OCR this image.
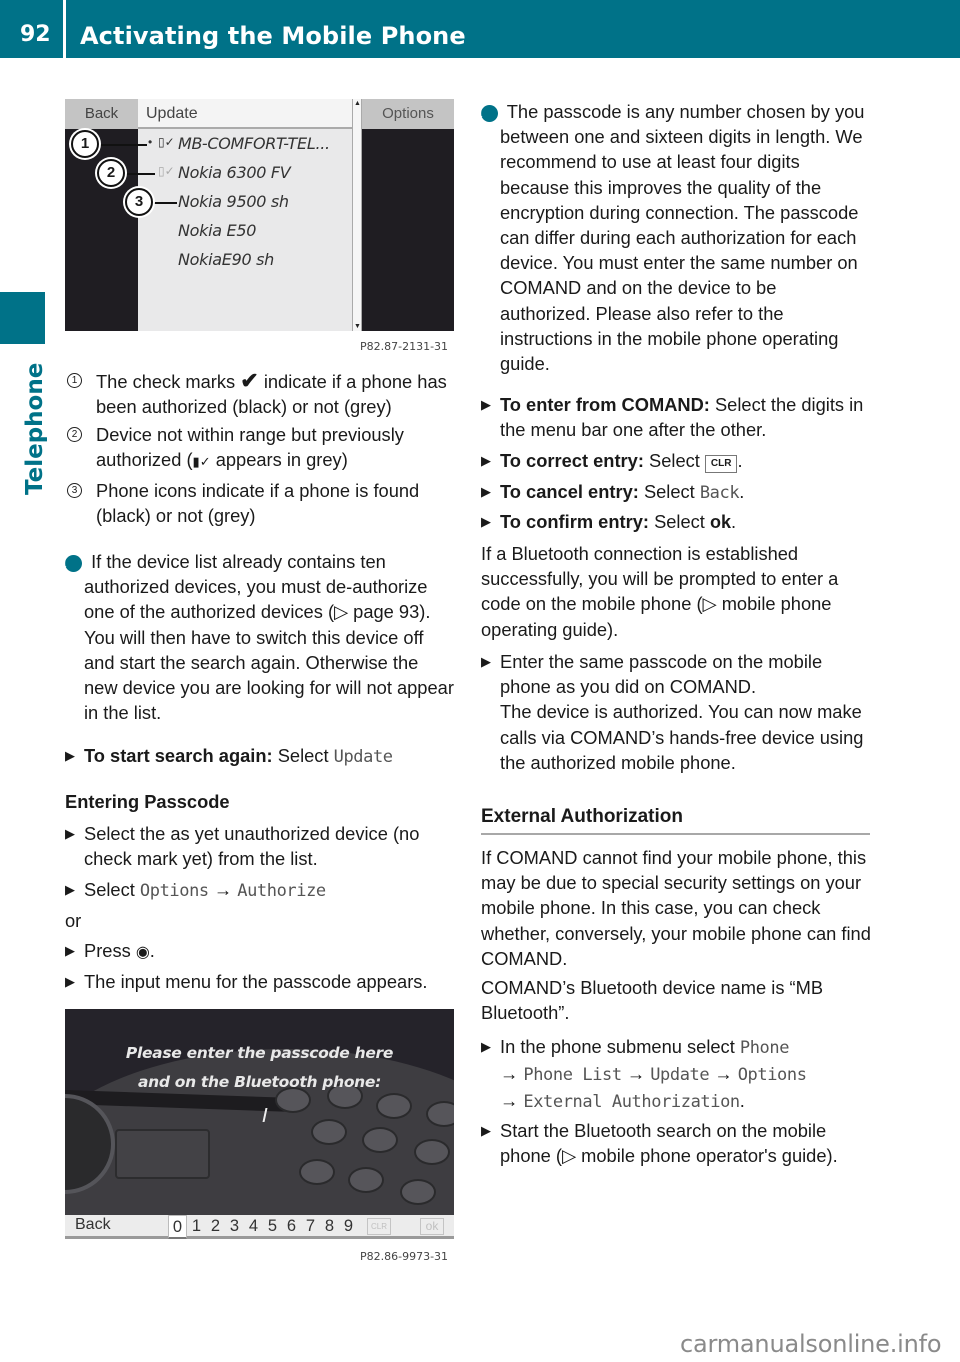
92	Activating the Mobile Phone
Telephone
Back	Update
▲
▼
Options
• ▯✓ MB-COMFORT-TEL...
▯✓ Nokia 6300 FV
Nokia 9500 sh
Nokia E50
NokiaE90 sh
1
2
3
P82.87-2131-31
1	The check marks ✔ indicate if a phone has been authorized (black) or not (grey)
2	Device not within range but previously authorized (▮✓ appears in grey)
3	Phone icons indicate if a phone is found (black) or not (grey)
i If the device list already contains ten authorized devices, you must de-authorize one of the authorized devices (▷ page 93). You will then have to switch this device off and start the search again. Otherwise the new device you are looking for will not appear in the list.
▶ To start search again: Select Update
Entering Passcode
▶ Select the as yet unauthorized device (no check mark yet) from the list.
▶ Select Options → Authorize
or
▶ Press ◉.
▶ The input menu for the passcode appears.
Please enter the passcode here
and on the Bluetooth phone:
Back	0 1 2 3 4 5 6 7 8 9	CLR	ok
P82.86-9973-31
i The passcode is any number chosen by you between one and sixteen digits in length. We recommend to use at least four digits because this improves the quality of the encryption during connection. The passcode can differ during each authorization for each device. You must enter the same number on COMAND and on the device to be authorized. Please also refer to the instructions in the mobile phone operating guide.
▶ To enter from COMAND: Select the digits in the menu bar one after the other.
▶ To correct entry: Select CLR .
▶ To cancel entry: Select Back.
▶ To confirm entry: Select ok.
If a Bluetooth connection is established successfully, you will be prompted to enter a code on the mobile phone (▷ mobile phone operating guide).
▶ Enter the same passcode on the mobile phone as you did on COMAND.
The device is authorized. You can now make calls via COMAND’s hands-free device using the authorized mobile phone.
External Authorization
If COMAND cannot find your mobile phone, this may be due to special security settings on your mobile phone. In this case, you can check whether, conversely, your mobile phone can find COMAND.
COMAND’s Bluetooth device name is “MB Bluetooth”.
▶ In the phone submenu select Phone
→ Phone List → Update → Options
→ External Authorization.
▶ Start the Bluetooth search on the mobile phone (▷ mobile phone operator's guide).
carmanualsonline.info
